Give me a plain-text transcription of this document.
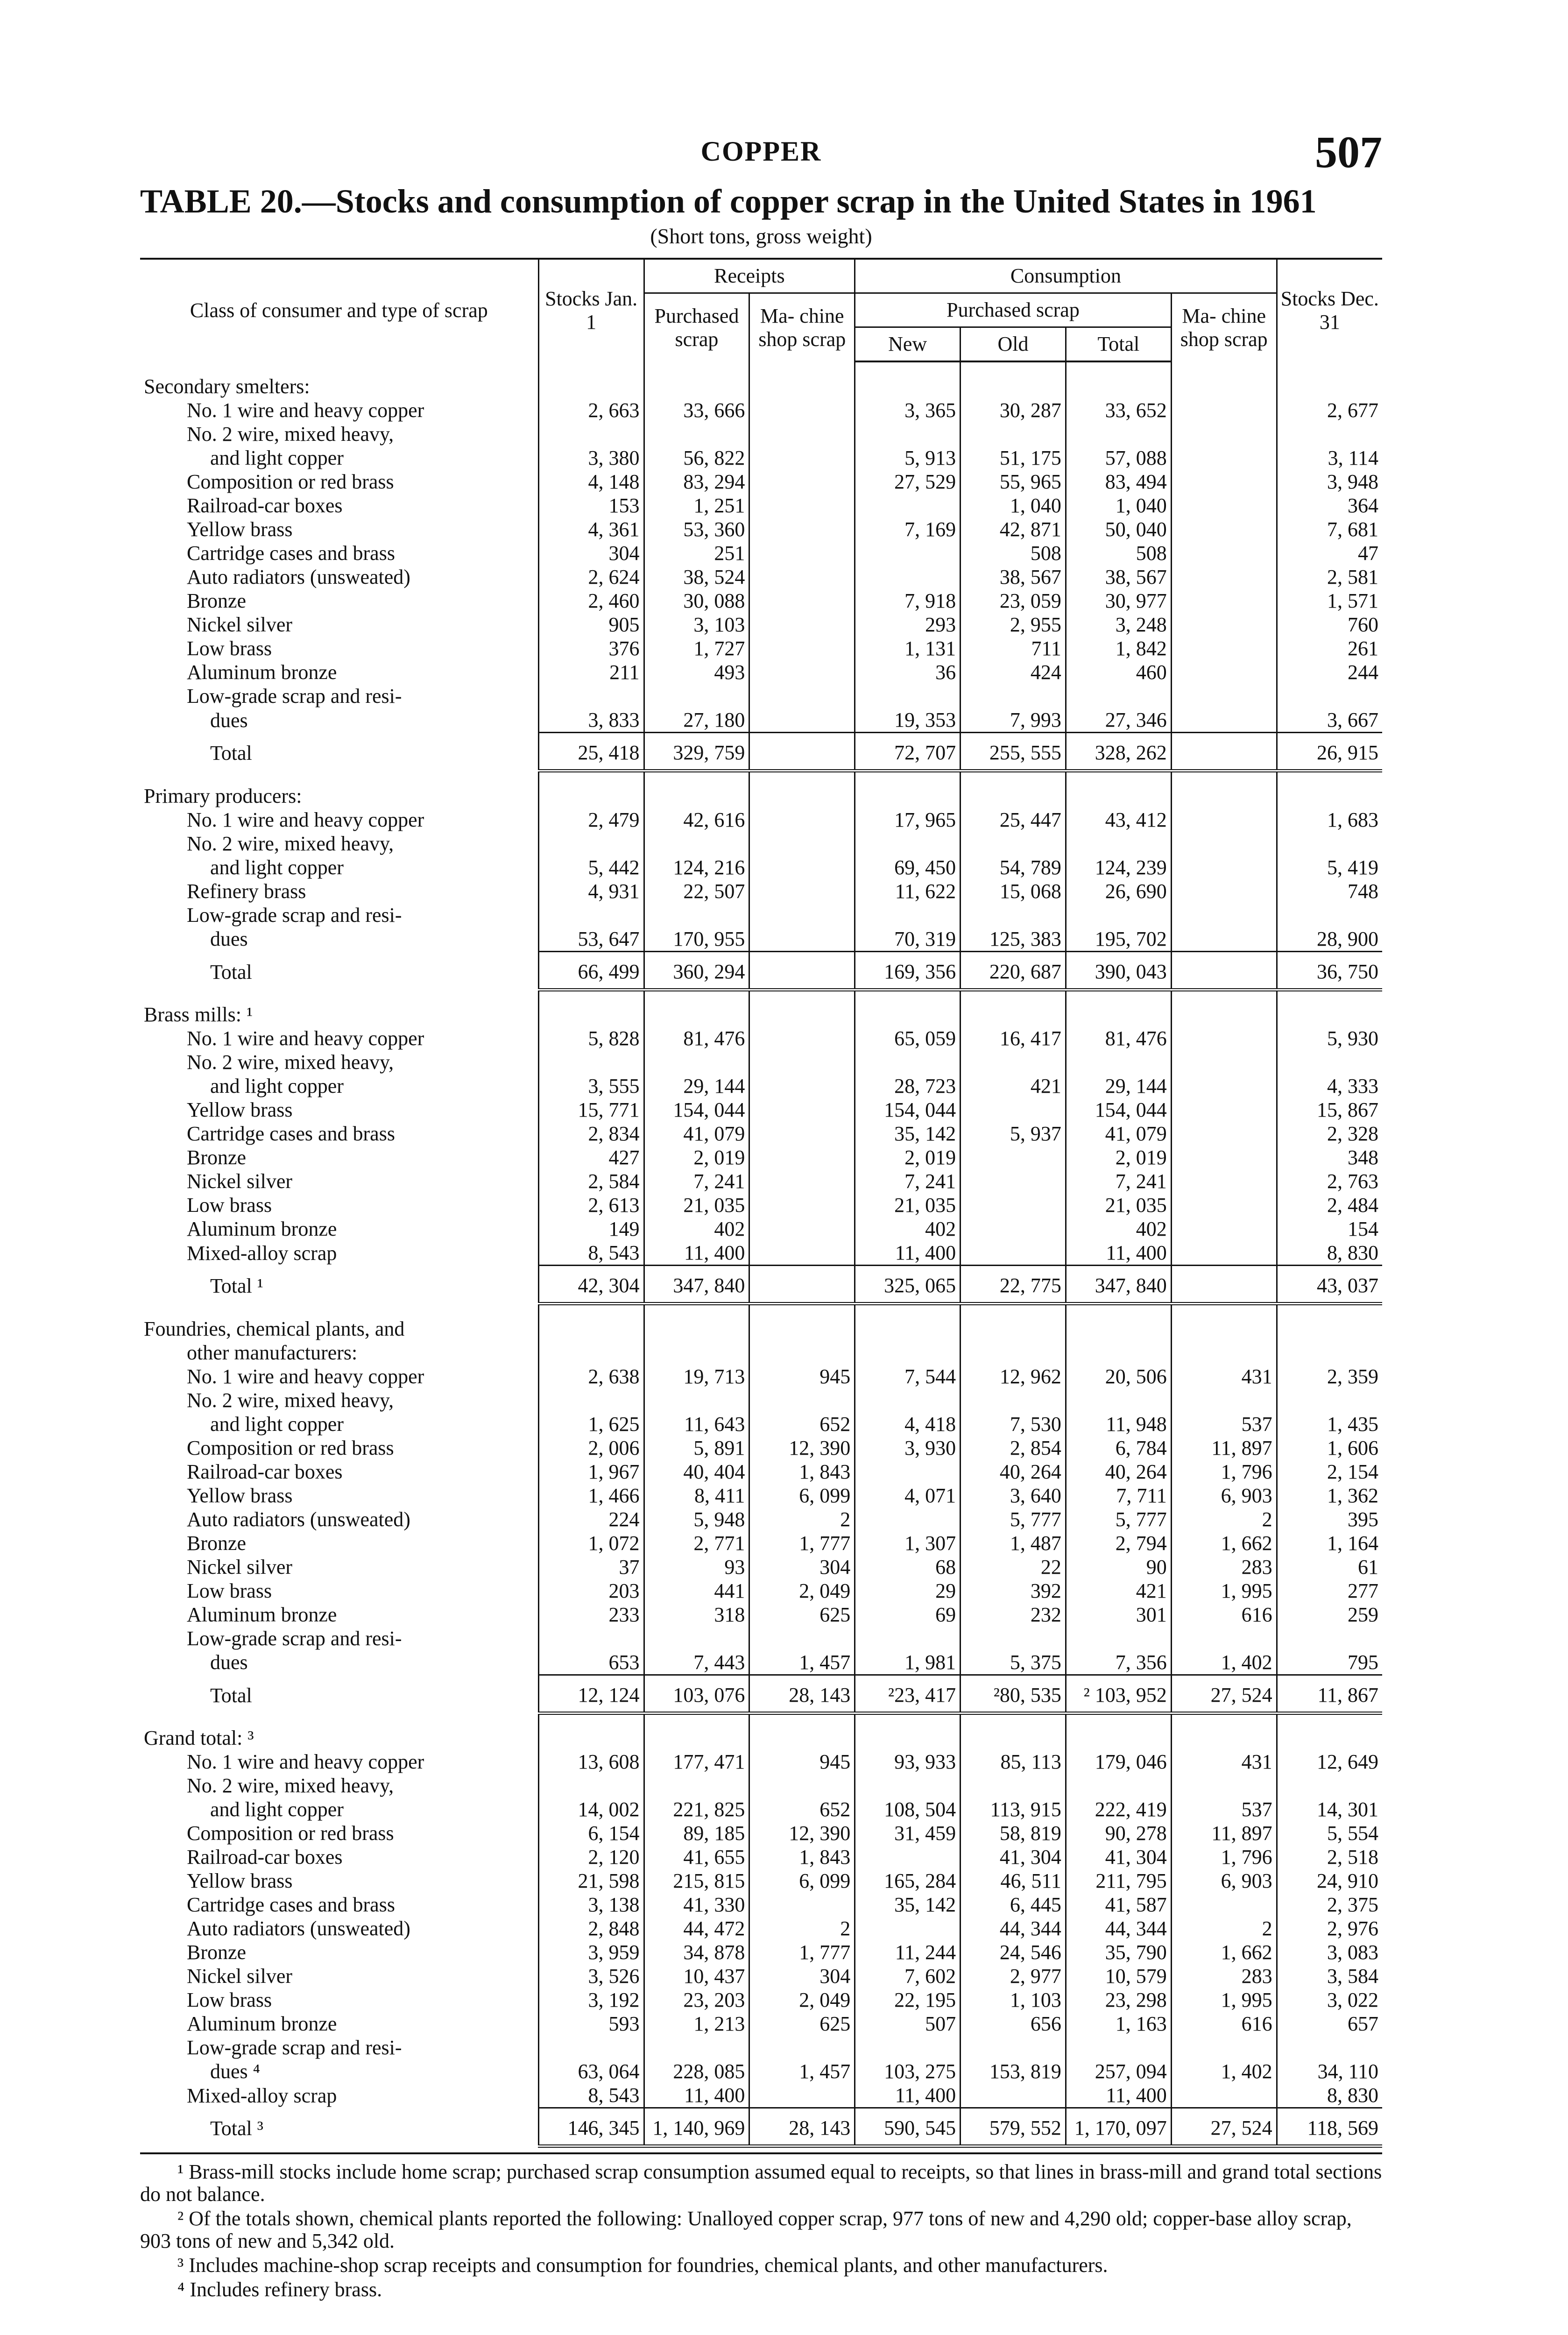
COPPER	507
TABLE 20.—Stocks and consumption of copper scrap in the United States in 1961
(Short tons, gross weight)
Class of consumer and type of scrap	Stocks Jan. 1	Receipts		Consumption				Stocks Dec. 31
		Purchased scrap	Ma- chine shop scrap	Purchased scrap			Ma- chine shop scrap	
				New	Old	Total		
Secondary smelters:								
No. 1 wire and heavy copper	2, 663	33, 666		3, 365	30, 287	33, 652		2, 677
No. 2 wire, mixed heavy,								
and light copper	3, 380	56, 822		5, 913	51, 175	57, 088		3, 114
Composition or red brass	4, 148	83, 294		27, 529	55, 965	83, 494		3, 948
Railroad-car boxes	153	1, 251			1, 040	1, 040		364
Yellow brass	4, 361	53, 360		7, 169	42, 871	50, 040		7, 681
Cartridge cases and brass	304	251			508	508		47
Auto radiators (unsweated)	2, 624	38, 524			38, 567	38, 567		2, 581
Bronze	2, 460	30, 088		7, 918	23, 059	30, 977		1, 571
Nickel silver	905	3, 103		293	2, 955	3, 248		760
Low brass	376	1, 727		1, 131	711	1, 842		261
Aluminum bronze	211	493		36	424	460		244
Low-grade scrap and resi-								
dues	3, 833	27, 180		19, 353	7, 993	27, 346		3, 667
Total	25, 418	329, 759		72, 707	255, 555	328, 262		26, 915
Primary producers:								
No. 1 wire and heavy copper	2, 479	42, 616		17, 965	25, 447	43, 412		1, 683
No. 2 wire, mixed heavy,								
and light copper	5, 442	124, 216		69, 450	54, 789	124, 239		5, 419
Refinery brass	4, 931	22, 507		11, 622	15, 068	26, 690		748
Low-grade scrap and resi-								
dues	53, 647	170, 955		70, 319	125, 383	195, 702		28, 900
Total	66, 499	360, 294		169, 356	220, 687	390, 043		36, 750
Brass mills: ¹								
No. 1 wire and heavy copper	5, 828	81, 476		65, 059	16, 417	81, 476		5, 930
No. 2 wire, mixed heavy,								
and light copper	3, 555	29, 144		28, 723	421	29, 144		4, 333
Yellow brass	15, 771	154, 044		154, 044		154, 044		15, 867
Cartridge cases and brass	2, 834	41, 079		35, 142	5, 937	41, 079		2, 328
Bronze	427	2, 019		2, 019		2, 019		348
Nickel silver	2, 584	7, 241		7, 241		7, 241		2, 763
Low brass	2, 613	21, 035		21, 035		21, 035		2, 484
Aluminum bronze	149	402		402		402		154
Mixed-alloy scrap	8, 543	11, 400		11, 400		11, 400		8, 830
Total ¹	42, 304	347, 840		325, 065	22, 775	347, 840		43, 037
Foundries, chemical plants, and								
other manufacturers:								
No. 1 wire and heavy copper	2, 638	19, 713	945	7, 544	12, 962	20, 506	431	2, 359
No. 2 wire, mixed heavy,								
and light copper	1, 625	11, 643	652	4, 418	7, 530	11, 948	537	1, 435
Composition or red brass	2, 006	5, 891	12, 390	3, 930	2, 854	6, 784	11, 897	1, 606
Railroad-car boxes	1, 967	40, 404	1, 843		40, 264	40, 264	1, 796	2, 154
Yellow brass	1, 466	8, 411	6, 099	4, 071	3, 640	7, 711	6, 903	1, 362
Auto radiators (unsweated)	224	5, 948	2		5, 777	5, 777	2	395
Bronze	1, 072	2, 771	1, 777	1, 307	1, 487	2, 794	1, 662	1, 164
Nickel silver	37	93	304	68	22	90	283	61
Low brass	203	441	2, 049	29	392	421	1, 995	277
Aluminum bronze	233	318	625	69	232	301	616	259
Low-grade scrap and resi-								
dues	653	7, 443	1, 457	1, 981	5, 375	7, 356	1, 402	795
Total	12, 124	103, 076	28, 143	²23, 417	²80, 535	² 103, 952	27, 524	11, 867
Grand total: ³								
No. 1 wire and heavy copper	13, 608	177, 471	945	93, 933	85, 113	179, 046	431	12, 649
No. 2 wire, mixed heavy,								
and light copper	14, 002	221, 825	652	108, 504	113, 915	222, 419	537	14, 301
Composition or red brass	6, 154	89, 185	12, 390	31, 459	58, 819	90, 278	11, 897	5, 554
Railroad-car boxes	2, 120	41, 655	1, 843		41, 304	41, 304	1, 796	2, 518
Yellow brass	21, 598	215, 815	6, 099	165, 284	46, 511	211, 795	6, 903	24, 910
Cartridge cases and brass	3, 138	41, 330		35, 142	6, 445	41, 587		2, 375
Auto radiators (unsweated)	2, 848	44, 472	2		44, 344	44, 344	2	2, 976
Bronze	3, 959	34, 878	1, 777	11, 244	24, 546	35, 790	1, 662	3, 083
Nickel silver	3, 526	10, 437	304	7, 602	2, 977	10, 579	283	3, 584
Low brass	3, 192	23, 203	2, 049	22, 195	1, 103	23, 298	1, 995	3, 022
Aluminum bronze	593	1, 213	625	507	656	1, 163	616	657
Low-grade scrap and resi-								
dues ⁴	63, 064	228, 085	1, 457	103, 275	153, 819	257, 094	1, 402	34, 110
Mixed-alloy scrap	8, 543	11, 400		11, 400		11, 400		8, 830
Total ³	146, 345	1, 140, 969	28, 143	590, 545	579, 552	1, 170, 097	27, 524	118, 569

¹ Brass-mill stocks include home scrap; purchased scrap consumption assumed equal to receipts, so that lines in brass-mill and grand total sections do not balance.

² Of the totals shown, chemical plants reported the following: Unalloyed copper scrap, 977 tons of new and 4,290 old; copper-base alloy scrap, 903 tons of new and 5,342 old.

³ Includes machine-shop scrap receipts and consumption for foundries, chemical plants, and other manufacturers.

⁴ Includes refinery brass.
